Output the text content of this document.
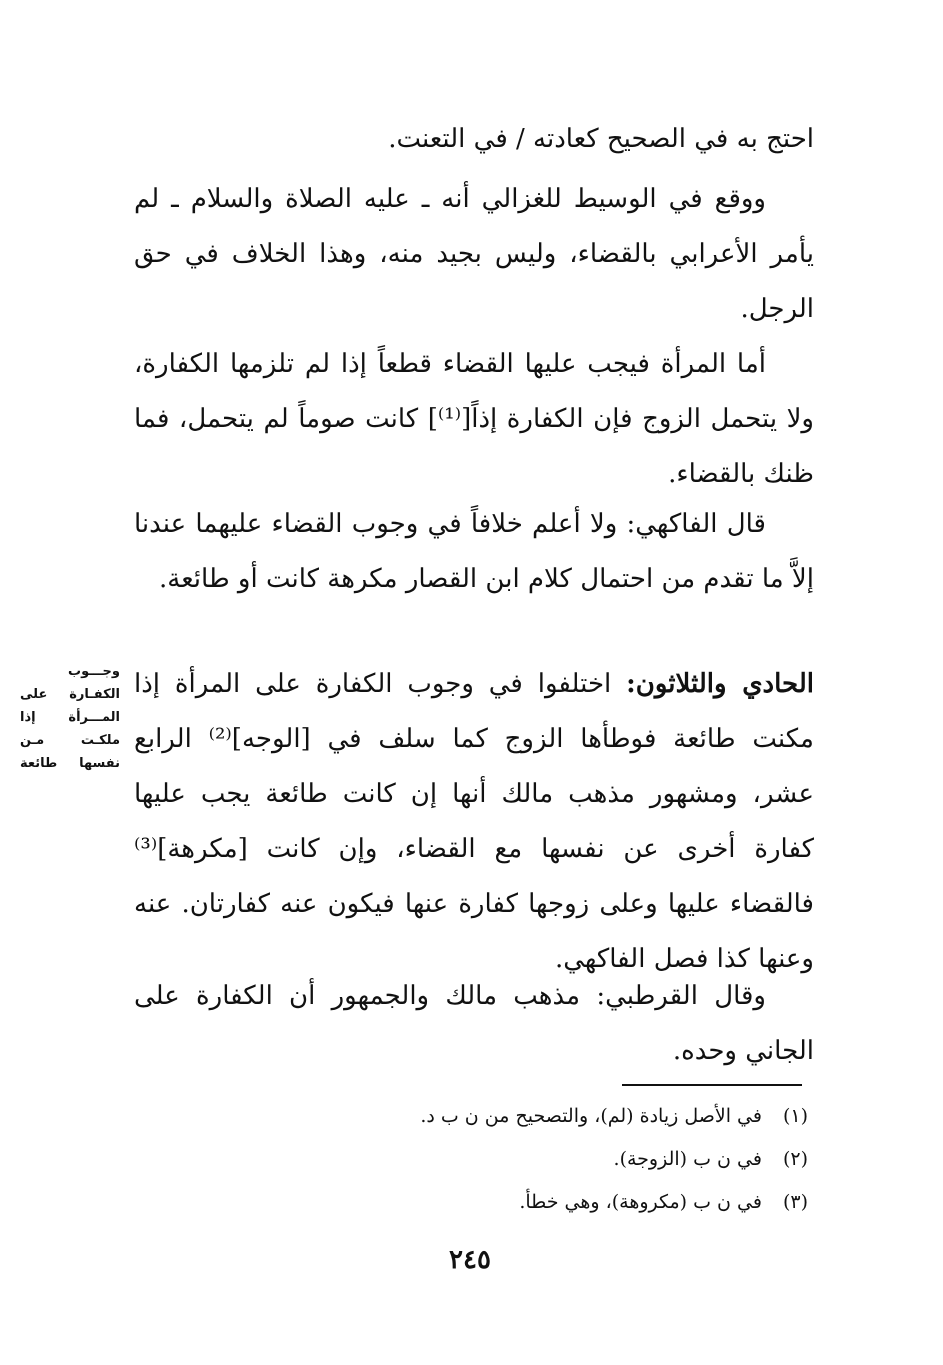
احتج به في الصحيح كعادته / في التعنت.

ووقع في الوسيط للغزالي أنه ـ عليه الصلاة والسلام ـ لم يأمر الأعرابي بالقضاء، وليس بجيد منه، وهذا الخلاف في حق الرجل.

أما المرأة فيجب عليها القضاء قطعاً إذا لم تلزمها الكفارة، ولا يتحمل الزوج فإن الكفارة إذاً[⁽¹⁾] كانت صوماً لم يتحمل، فما ظنك بالقضاء.

قال الفاكهي: ولا أعلم خلافاً في وجوب القضاء عليهما عندنا إلاَّ ما تقدم من احتمال كلام ابن القصار مكرهة كانت أو طائعة.

الحادي والثلاثون: اختلفوا في وجوب الكفارة على المرأة إذا مكنت طائعة فوطأها الزوج كما سلف في [الوجه]⁽²⁾ الرابع عشر، ومشهور مذهب مالك أنها إن كانت طائعة يجب عليها كفارة أخرى عن نفسها مع القضاء، وإن كانت [مكرهة]⁽³⁾ فالقضاء عليها وعلى زوجها كفارة عنها فيكون عنه كفارتان. عنه وعنها كذا فصل الفاكهي.

وقال القرطبي: مذهب مالك والجمهور أن الكفارة على الجاني وحده.

وجـــوب
الكفـارة على
المـــرأة إذا
ملكـت مـن
نفسها طائعة
(١) في الأصل زيادة (لم)، والتصحيح من ن ب د.
(٢) في ن ب (الزوجة).
(٣) في ن ب (مكروهة)، وهي خطأ.
٢٤٥
